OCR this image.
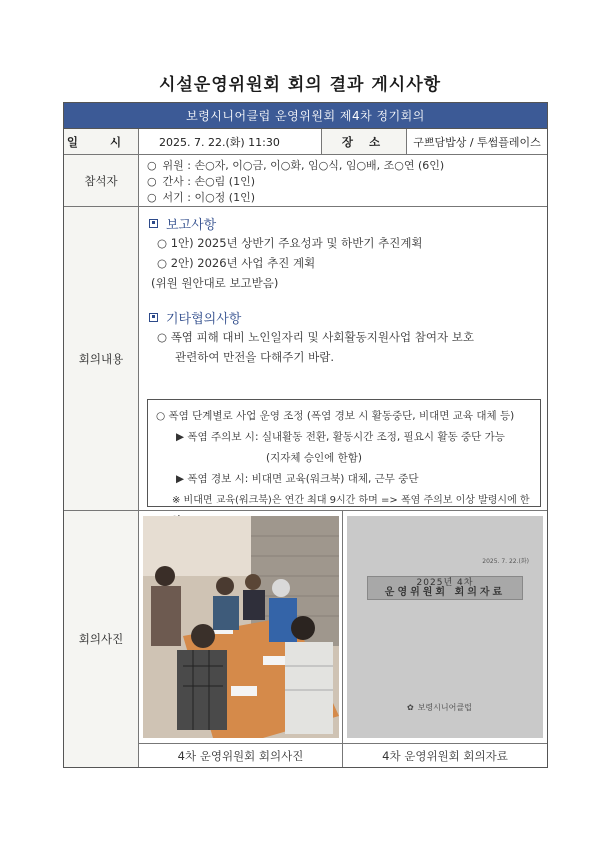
시설운영위원회 회의 결과 게시사항
보령시니어클럽 운영위원회 제4차 정기회의
일 시	2025. 7. 22.(화) 11:30	장 소	구쁘담밥상 / 투썸플레이스
참석자
○ 위원 : 손○자, 이○금, 이○화, 임○식, 임○배, 조○연 (6인)
○ 간사 : 손○림 (1인)
○ 서기 : 이○정 (1인)
회의내용
보고사항
○ 1안) 2025년 상반기 주요성과 및 하반기 추진계획
○ 2안) 2026년 사업 추진 계획
(위원 원안대로 보고받음)
기타협의사항
○ 폭염 피해 대비 노인일자리 및 사회활동지원사업 참여자 보호
관련하여 만전을 다해주기 바람.
○ 폭염 단계별로 사업 운영 조정 (폭염 경보 시 활동중단, 비대면 교육 대체 등)
▶ 폭염 주의보 시: 실내활동 전환, 활동시간 조정, 필요시 활동 중단 가능
(지자체 승인에 한함)
▶ 폭염 경보 시: 비대면 교육(워크북) 대체, 근무 중단
※ 비대면 교육(워크북)은 연간 최대 9시간 하며 => 폭염 주의보 이상 발령시에 한
회의사진
2025. 7. 22.(화)
2025년 4차
운영위원회 회의자료
✿ 보령시니어클럽
4차 운영위원회 회의사진	4차 운영위원회 회의자료
